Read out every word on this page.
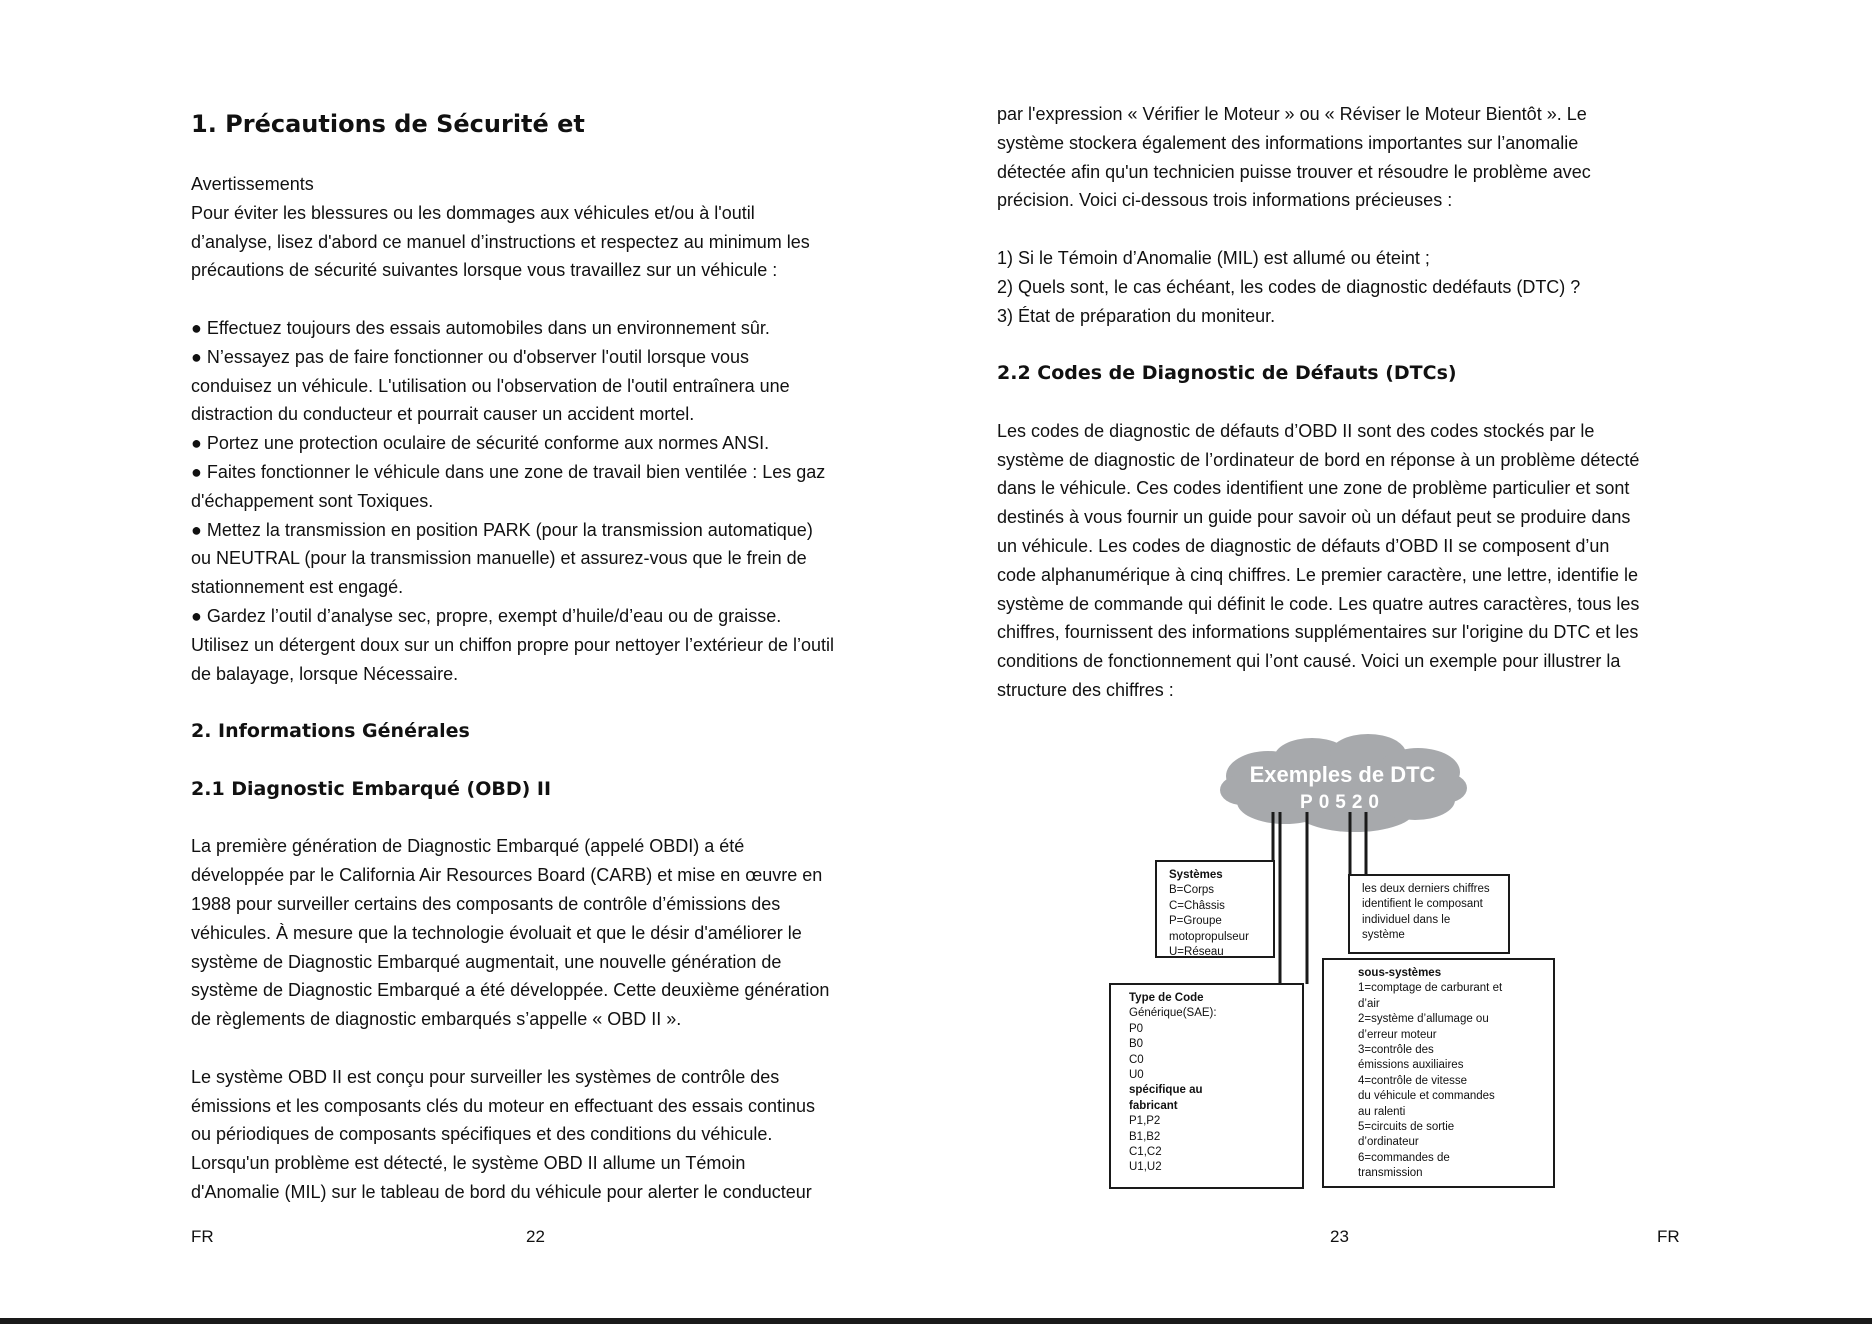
1. Précautions de Sécurité et

Avertissements

Pour éviter les blessures ou les dommages aux véhicules et/ou à l'outil
d’analyse, lisez d'abord ce manuel d’instructions et respectez au minimum les
précautions de sécurité suivantes lorsque vous travaillez sur un véhicule :
● Effectuez toujours des essais automobiles dans un environnement sûr.
● N’essayez pas de faire fonctionner ou d'observer l'outil lorsque vous
conduisez un véhicule. L'utilisation ou l'observation de l'outil entraînera une
distraction du conducteur et pourrait causer un accident mortel.
● Portez une protection oculaire de sécurité conforme aux normes ANSI.
● Faites fonctionner le véhicule dans une zone de travail bien ventilée : Les gaz
d'échappement sont Toxiques.
● Mettez la transmission en position PARK (pour la transmission automatique)
ou NEUTRAL (pour la transmission manuelle) et assurez-vous que le frein de
stationnement est engagé.
● Gardez l’outil d’analyse sec, propre, exempt d’huile/d’eau ou de graisse.
Utilisez un détergent doux sur un chiffon propre pour nettoyer l’extérieur de l’outil
de balayage, lorsque Nécessaire.
2. Informations Générales
2.1 Diagnostic Embarqué (OBD) II
La première génération de Diagnostic Embarqué (appelé OBDI) a été
développée par le California Air Resources Board (CARB) et mise en œuvre en
1988 pour surveiller certains des composants de contrôle d’émissions des
véhicules. À mesure que la technologie évoluait et que le désir d'améliorer le
système de Diagnostic Embarqué augmentait, une nouvelle génération de
système de Diagnostic Embarqué a été développée. Cette deuxième génération
de règlements de diagnostic embarqués s’appelle « OBD II ».
Le système OBD II est conçu pour surveiller les systèmes de contrôle des
émissions et les composants clés du moteur en effectuant des essais continus
ou périodiques de composants spécifiques et des conditions du véhicule.
Lorsqu'un problème est détecté, le système OBD II allume un Témoin
d'Anomalie (MIL) sur le tableau de bord du véhicule pour alerter le conducteur
FR	22
par l'expression « Vérifier le Moteur » ou « Réviser le Moteur Bientôt ». Le
système stockera également des informations importantes sur l’anomalie
détectée afin qu'un technicien puisse trouver et résoudre le problème avec
précision. Voici ci-dessous trois informations précieuses :
1) Si le Témoin d’Anomalie (MIL) est allumé ou éteint ;
2) Quels sont, le cas échéant, les codes de diagnostic dedéfauts (DTC) ?
3) État de préparation du moniteur.
2.2 Codes de Diagnostic de Défauts (DTCs)
Les codes de diagnostic de défauts d’OBD II sont des codes stockés par le
système de diagnostic de l’ordinateur de bord en réponse à un problème détecté
dans le véhicule. Ces codes identifient une zone de problème particulier et sont
destinés à vous fournir un guide pour savoir où un défaut peut se produire dans
un véhicule. Les codes de diagnostic de défauts d’OBD II se composent d’un
code alphanumérique à cinq chiffres. Le premier caractère, une lettre, identifie le
système de commande qui définit le code. Les quatre autres caractères, tous les
chiffres, fournissent des informations supplémentaires sur l'origine du DTC et les
conditions de fonctionnement qui l’ont causé. Voici un exemple pour illustrer la
structure des chiffres :
Exemples de DTC
P0520
Systèmes
B=Corps
C=Châssis
P=Groupe
motopropulseur
U=Réseau
les deux derniers chiffres
identifient le composant
individuel dans le
système
Type de Code
Générique(SAE):
P0
B0
C0
U0
spécifique au
fabricant
P1,P2
B1,B2
C1,C2
U1,U2
sous-systèmes
1=comptage de carburant et
d’air
2=système d’allumage ou
d’erreur moteur
3=contrôle des
émissions auxiliaires
4=contrôle de vitesse
du véhicule et commandes
au ralenti
5=circuits de sortie
d’ordinateur
6=commandes de
transmission
23	FR
